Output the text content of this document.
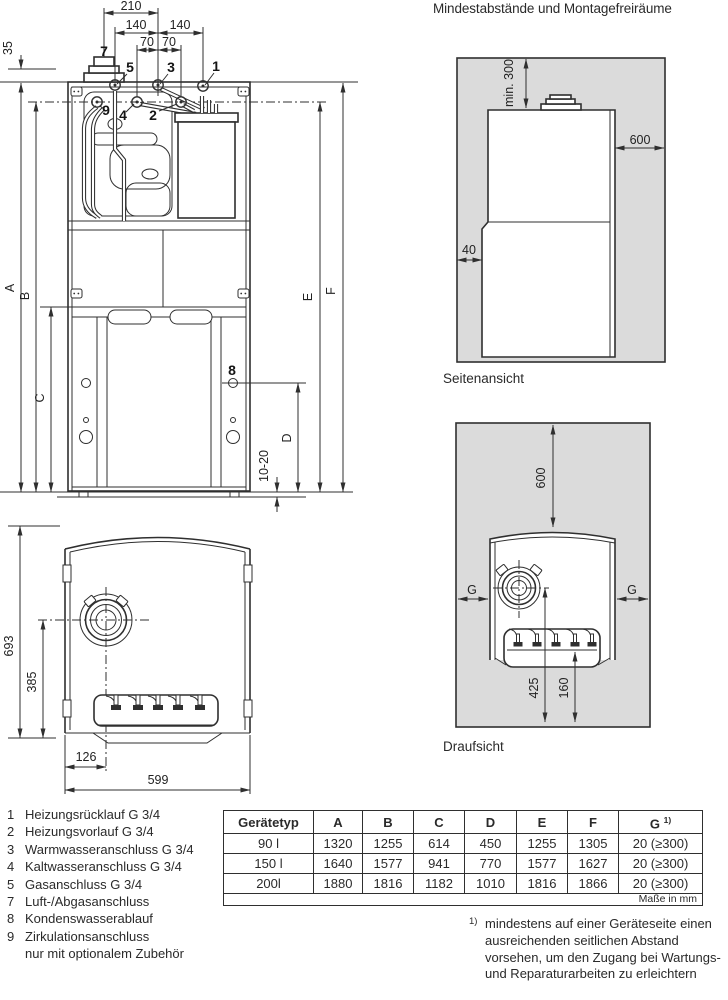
210
140 140
70 70
35
A
B
C
D
E
F
10-20
7
5 3	1
9 4 2
8
min. 300
600
40
600
425 160
G	G
693
385
126
599
Mindestabstände und Montagefreiräume
Seitenansicht
Draufsicht
1 Heizungsrücklauf G 3/4
2 Heizungsvorlauf G 3/4
3 Warmwasseranschluss G 3/4
4 Kaltwasseranschluss G 3/4
5 Gasanschluss G 3/4
7 Luft-/Abgasanschluss
8 Kondenswasserablauf
9 Zirkulationsanschluss
nur mit optionalem Zubehör
Gerätetyp	A	B	C	D	E	F	G $^{1)}$
90 l	1320	1255	614	450	1255	1305	20 (≥300)
150 l	1640	1577	941	770	1577	1627	20 (≥300)
200l	1880	1816	1182	1010	1816	1866	20 (≥300)
Maße in mm							
1) mindestens auf einer Geräteseite einen ausreichenden seitlichen Abstand vorsehen, um den Zugang bei Wartungs- und Reparaturarbeiten zu erleichtern
